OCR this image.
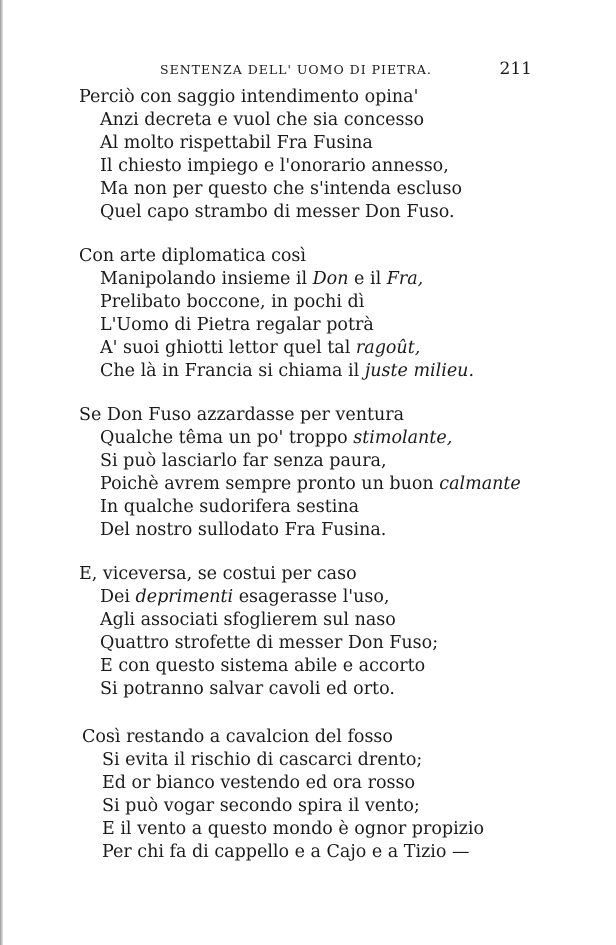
SENTENZA DELL' UOMO DI PIETRA.	211
Perciò con saggio intendimento opina'
Anzi decreta e vuol che sia concesso
Al molto rispettabil Fra Fusina
Il chiesto impiego e l'onorario annesso,
Ma non per questo che s'intenda escluso
Quel capo strambo di messer Don Fuso.
Con arte diplomatica così
Manipolando insieme il Don e il Fra,
Prelibato boccone, in pochi dì
L'Uomo di Pietra regalar potrà
A' suoi ghiotti lettor quel tal ragoût,
Che là in Francia si chiama il juste milieu.
Se Don Fuso azzardasse per ventura
Qualche têma un po' troppo stimolante,
Si può lasciarlo far senza paura,
Poichè avrem sempre pronto un buon calmante
In qualche sudorifera sestina
Del nostro sullodato Fra Fusina.
E, viceversa, se costui per caso
Dei deprimenti esagerasse l'uso,
Agli associati sfoglierem sul naso
Quattro strofette di messer Don Fuso;
E con questo sistema abile e accorto
Si potranno salvar cavoli ed orto.
Così restando a cavalcion del fosso
Si evita il rischio di cascarci drento;
Ed or bianco vestendo ed ora rosso
Si può vogar secondo spira il vento;
E il vento a questo mondo è ognor propizio
Per chi fa di cappello e a Cajo e a Tizio —
